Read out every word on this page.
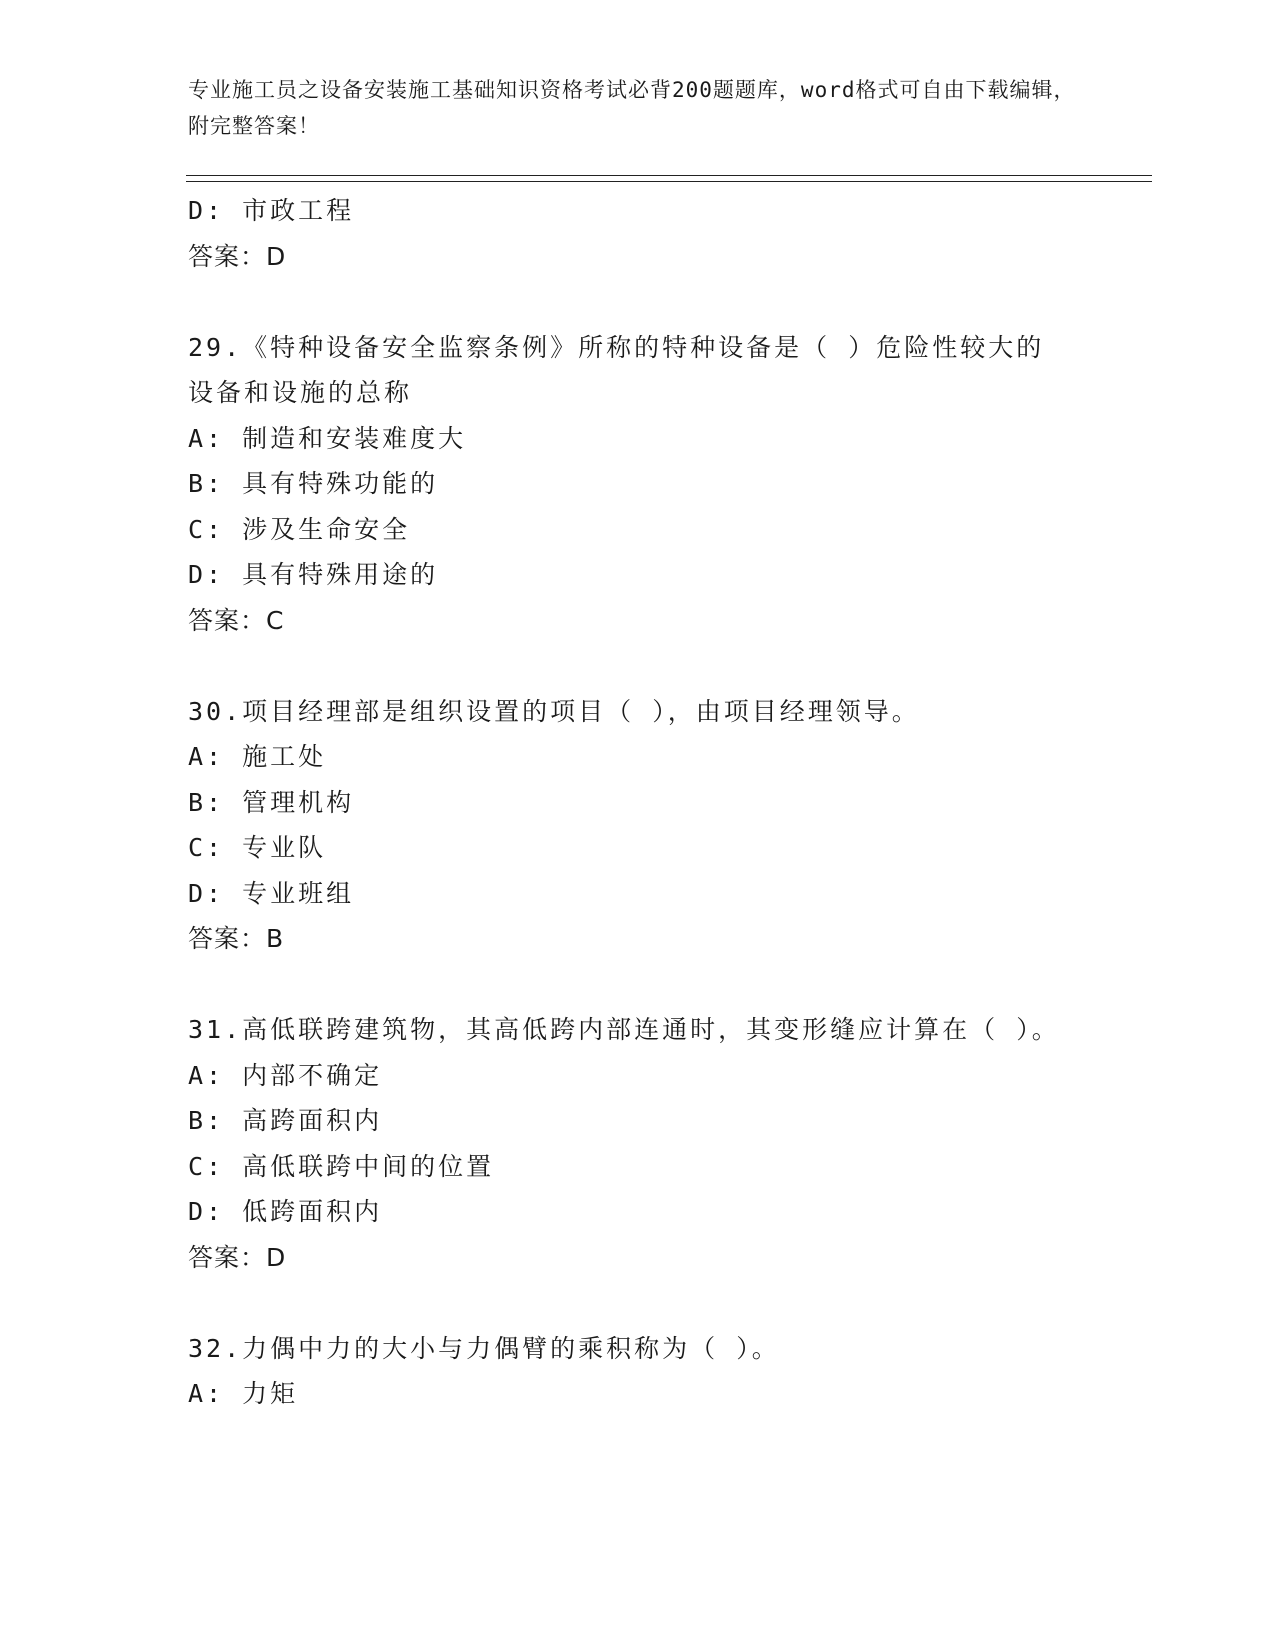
专业施工员之设备安装施工基础知识资格考试必背200题题库，word格式可自由下载编辑，附完整答案！
D: 市政工程
答案：D
29.《特种设备安全监察条例》所称的特种设备是（ ）危险性较大的设备和设施的总称
A: 制造和安装难度大
B: 具有特殊功能的
C: 涉及生命安全
D: 具有特殊用途的
答案：C
30.项目经理部是组织设置的项目（ ），由项目经理领导。
A: 施工处
B: 管理机构
C: 专业队
D: 专业班组
答案：B
31.高低联跨建筑物，其高低跨内部连通时，其变形缝应计算在（ ）。
A: 内部不确定
B: 高跨面积内
C: 高低联跨中间的位置
D: 低跨面积内
答案：D
32.力偶中力的大小与力偶臂的乘积称为（ ）。
A: 力矩
